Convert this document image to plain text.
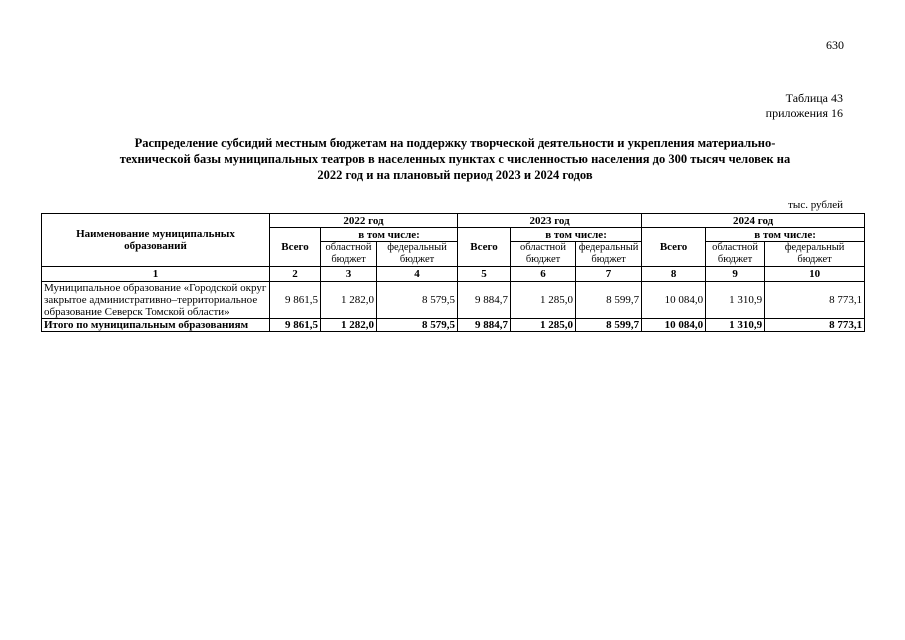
630
Таблица 43
приложения 16
Распределение субсидий местным бюджетам на поддержку творческой деятельности и укрепления материально-
технической базы муниципальных театров в населенных пунктах с численностью населения до 300 тысяч человек на
2022 год и на плановый период 2023 и 2024 годов
тыс. рублей
Наименование муниципальных образований	2022 год			2023 год			2024 год		
	Всего	в том числе:		Всего	в том числе:		Всего	в том числе:	
		областной бюджет	федеральный бюджет		областной бюджет	федеральный бюджет		областной бюджет	федеральный бюджет
1	2	3	4	5	6	7	8	9	10
Муниципальное образование «Городской округ закрытое административно–территориальное образование Северск Томской области»	9 861,5	1 282,0	8 579,5	9 884,7	1 285,0	8 599,7	10 084,0	1 310,9	8 773,1
Итого по муниципальным образованиям	9 861,5	1 282,0	8 579,5	9 884,7	1 285,0	8 599,7	10 084,0	1 310,9	8 773,1
